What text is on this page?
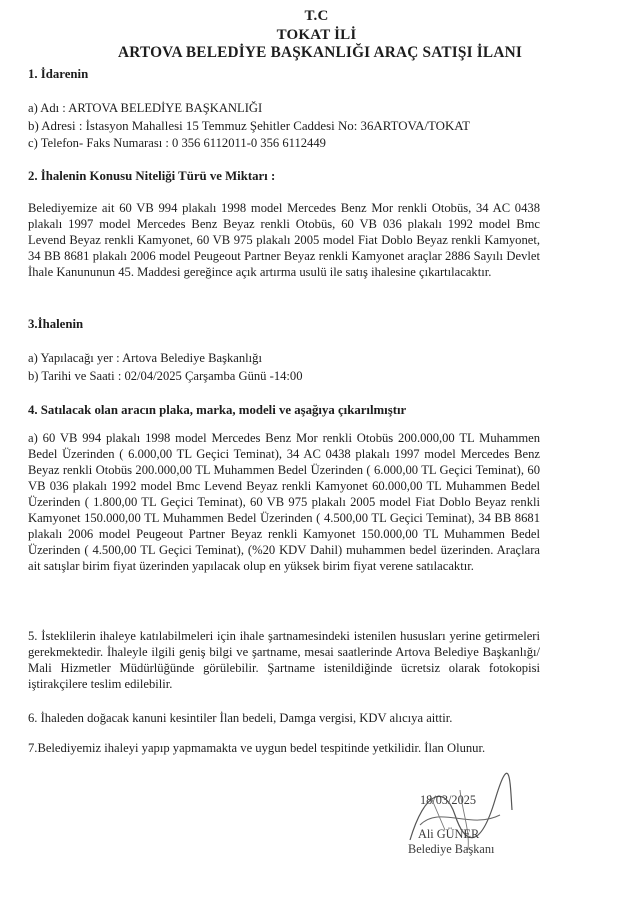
T.C
TOKAT İLİ
ARTOVA BELEDİYE BAŞKANLIĞI ARAÇ SATIŞI İLANI
1. İdarenin
a) Adı : ARTOVA BELEDİYE BAŞKANLIĞI
b) Adresi : İstasyon Mahallesi 15 Temmuz Şehitler Caddesi No: 36ARTOVA/TOKAT
c) Telefon- Faks Numarası : 0 356 6112011-0 356 6112449
2. İhalenin Konusu Niteliği Türü ve Miktarı :

Belediyemize ait 60 VB 994 plakalı 1998 model Mercedes Benz Mor renkli Otobüs, 34 AC 0438 plakalı 1997 model Mercedes Benz Beyaz renkli Otobüs, 60 VB 036 plakalı 1992 model Bmc Levend Beyaz renkli Kamyonet, 60 VB 975 plakalı 2005 model Fiat Doblo Beyaz renkli Kamyonet, 34 BB 8681 plakalı 2006 model Peugeout Partner Beyaz renkli Kamyonet araçlar 2886 Sayılı Devlet İhale Kanununun 45. Maddesi gereğince açık artırma usulü ile satış ihalesine çıkartılacaktır.

3.İhalenin
a) Yapılacağı yer : Artova Belediye Başkanlığı
b) Tarihi ve Saati : 02/04/2025 Çarşamba Günü -14:00
4. Satılacak olan aracın plaka, marka, modeli ve aşağıya çıkarılmıştır

a) 60 VB 994 plakalı 1998 model Mercedes Benz Mor renkli Otobüs 200.000,00 TL Muhammen Bedel Üzerinden ( 6.000,00 TL Geçici Teminat), 34 AC 0438 plakalı 1997 model Mercedes Benz Beyaz renkli Otobüs 200.000,00 TL Muhammen Bedel Üzerinden ( 6.000,00 TL Geçici Teminat), 60 VB 036 plakalı 1992 model Bmc Levend Beyaz renkli Kamyonet 60.000,00 TL Muhammen Bedel Üzerinden ( 1.800,00 TL Geçici Teminat), 60 VB 975 plakalı 2005 model Fiat Doblo Beyaz renkli Kamyonet 150.000,00 TL Muhammen Bedel Üzerinden ( 4.500,00 TL Geçici Teminat), 34 BB 8681 plakalı 2006 model Peugeout Partner Beyaz renkli Kamyonet 150.000,00 TL Muhammen Bedel Üzerinden ( 4.500,00 TL Geçici Teminat), (%20 KDV Dahil) muhammen bedel üzerinden. Araçlara ait satışlar birim fiyat üzerinden yapılacak olup en yüksek birim fiyat verene satılacaktır.

5. İsteklilerin ihaleye katılabilmeleri için ihale şartnamesindeki istenilen hususları yerine getirmeleri gerekmektedir. İhaleyle ilgili geniş bilgi ve şartname, mesai saatlerinde Artova Belediye Başkanlığı/ Mali Hizmetler Müdürlüğünde görülebilir. Şartname istenildiğinde ücretsiz olarak fotokopisi iştirakçilere teslim edilebilir.

6. İhaleden doğacak kanuni kesintiler İlan bedeli, Damga vergisi, KDV alıcıya aittir.

7.Belediyemiz ihaleyi yapıp yapmamakta ve uygun bedel tespitinde yetkilidir. İlan Olunur.

18/03/2025
Ali GÜNER
Belediye Başkanı
